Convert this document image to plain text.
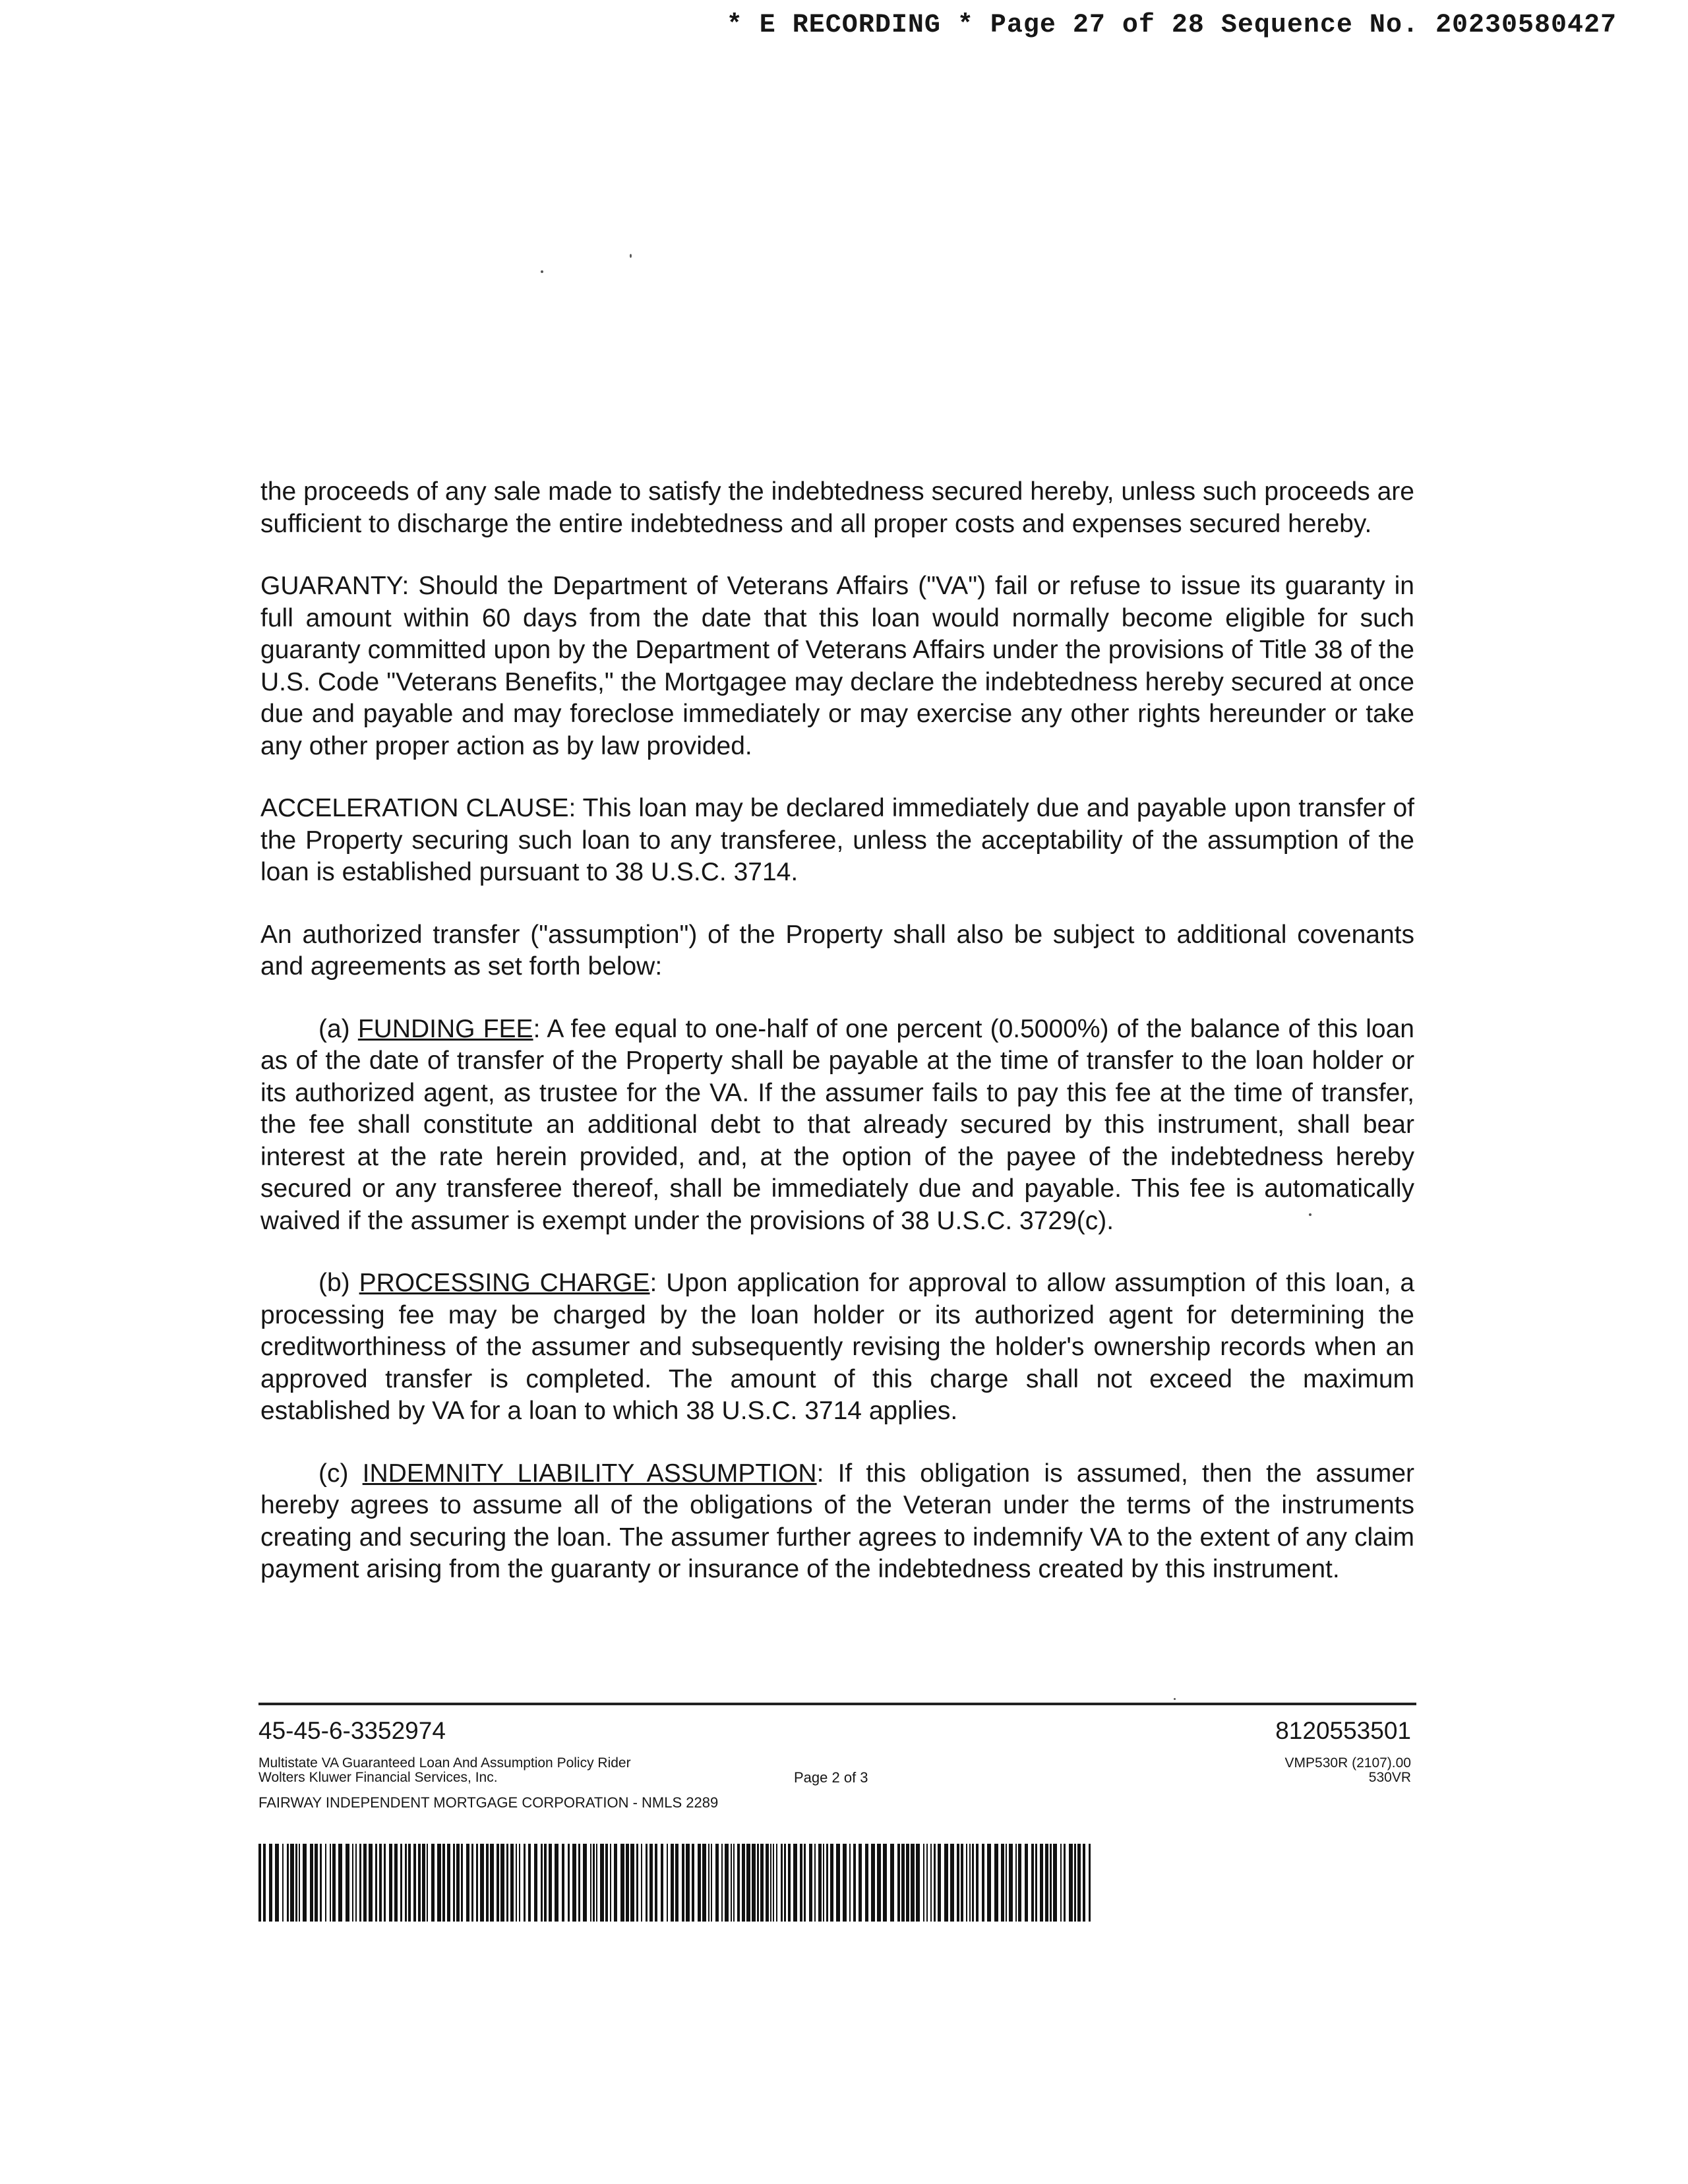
* E RECORDING * Page 27 of 28 Sequence No. 20230580427

the proceeds of any sale made to satisfy the indebtedness secured hereby, unless such proceeds are sufficient to discharge the entire indebtedness and all proper costs and expenses secured hereby.

GUARANTY: Should the Department of Veterans Affairs ("VA") fail or refuse to issue its guaranty in full amount within 60 days from the date that this loan would normally become eligible for such guaranty committed upon by the Department of Veterans Affairs under the provisions of Title 38 of the U.S. Code "Veterans Benefits," the Mortgagee may declare the indebtedness hereby secured at once due and payable and may foreclose immediately or may exercise any other rights hereunder or take any other proper action as by law provided.

ACCELERATION CLAUSE: This loan may be declared immediately due and payable upon transfer of the Property securing such loan to any transferee, unless the acceptability of the assumption of the loan is established pursuant to 38 U.S.C. 3714.

An authorized transfer ("assumption") of the Property shall also be subject to additional covenants and agreements as set forth below:

(a) FUNDING FEE: A fee equal to one-half of one percent (0.5000%) of the balance of this loan as of the date of transfer of the Property shall be payable at the time of transfer to the loan holder or its authorized agent, as trustee for the VA. If the assumer fails to pay this fee at the time of transfer, the fee shall constitute an additional debt to that already secured by this instrument, shall bear interest at the rate herein provided, and, at the option of the payee of the indebtedness hereby secured or any transferee thereof, shall be immediately due and payable. This fee is automatically waived if the assumer is exempt under the provisions of 38 U.S.C. 3729(c).

(b) PROCESSING CHARGE: Upon application for approval to allow assumption of this loan, a processing fee may be charged by the loan holder or its authorized agent for determining the creditworthiness of the assumer and subsequently revising the holder's ownership records when an approved transfer is completed. The amount of this charge shall not exceed the maximum established by VA for a loan to which 38 U.S.C. 3714 applies.

(c) INDEMNITY LIABILITY ASSUMPTION: If this obligation is assumed, then the assumer hereby agrees to assume all of the obligations of the Veteran under the terms of the instruments creating and securing the loan. The assumer further agrees to indemnify VA to the extent of any claim payment arising from the guaranty or insurance of the indebtedness created by this instrument.

45-45-6-3352974	8120553501
Multistate VA Guaranteed Loan And Assumption Policy Rider
Wolters Kluwer Financial Services, Inc.	Page 2 of 3
VMP530R (2107).00
530VR
FAIRWAY INDEPENDENT MORTGAGE CORPORATION - NMLS 2289
